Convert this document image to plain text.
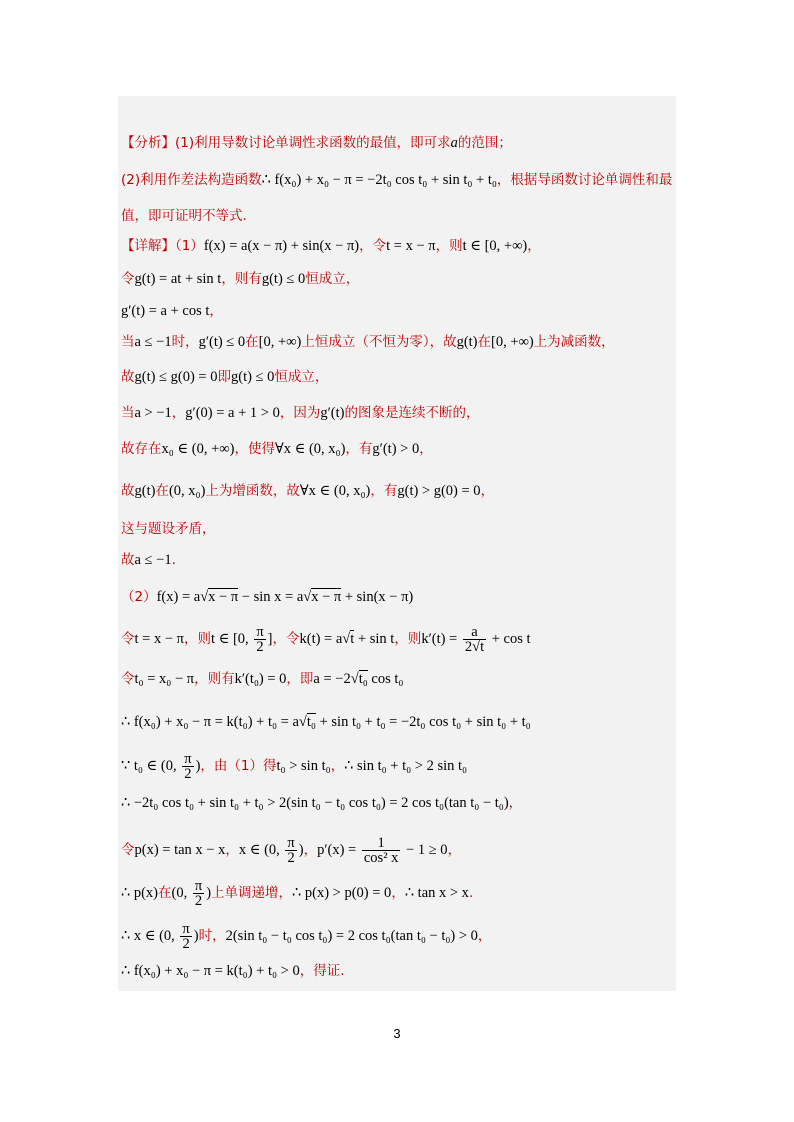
【分析】(1)利用导数讨论单调性求函数的最值，即可求a的范围；
(2)利用作差法构造函数∴ f(x₀) + x₀ − π = −2t₀ cos t₀ + sin t₀ + t₀，根据导函数讨论单调性和最
值，即可证明不等式.
【详解】（1）f(x) = a(x − π) + sin(x − π)，令t = x − π，则t ∈ [0, +∞)，
令g(t) = at + sin t，则有g(t) ≤ 0恒成立，
g′(t) = a + cos t，
当a ≤ −1时，g′(t) ≤ 0在[0, +∞)上恒成立（不恒为零），故g(t)在[0, +∞)上为减函数，
故g(t) ≤ g(0) = 0即g(t) ≤ 0恒成立，
当a > −1，g′(0) = a + 1 > 0，因为g′(t)的图象是连续不断的，
故存在x₀ ∈ (0, +∞)，使得∀x ∈ (0, x₀)，有g′(t) > 0，
故g(t)在(0, x₀)上为增函数，故∀x ∈ (0, x₀)，有g(t) > g(0) = 0，
这与题设矛盾，
故a ≤ −1.
（2）f(x) = a√x − π − sin x = a√x − π + sin(x − π)
令t = x − π，则t ∈ [0, $\frac{\pi}{2}$ ]，令k(t) = a√t + sin t，则$k'(t) = \frac{a}{2√t} + \cos t$
令t₀ = x₀ − π，则有k′(t₀) = 0，即a = −2√t₀ cos t₀
∴ f(x₀) + x₀ − π = k(t₀) + t₀ = a√t₀ + sin t₀ + t₀ = −2t₀ cos t₀ + sin t₀ + t₀
∵ t₀ ∈ (0, $\frac{\pi}{2}$ )，由（1）得t₀ > sin t₀，∴ sin t₀ + t₀ > 2 sin t₀
∴ −2t₀ cos t₀ + sin t₀ + t₀ > 2(sin t₀ − t₀ cos t₀) = 2 cos t₀(tan t₀ − t₀)，
令p(x) = tan x − x，x ∈ (0, $\frac{\pi}{2}$ )，$p'(x) = \frac{1}{\text{cos² x}} - 1 \ge 0$，
∴ p(x)在(0, $\frac{\pi}{2}$ )上单调递增，∴ p(x) > p(0) = 0，∴ tan x > x.
∴ x ∈ (0, $\frac{\pi}{2}$ )时，2(sin t₀ − t₀ cos t₀) = 2 cos t₀(tan t₀ − t₀) > 0，
∴ f(x₀) + x₀ − π = k(t₀) + t₀ > 0，得证.
3
